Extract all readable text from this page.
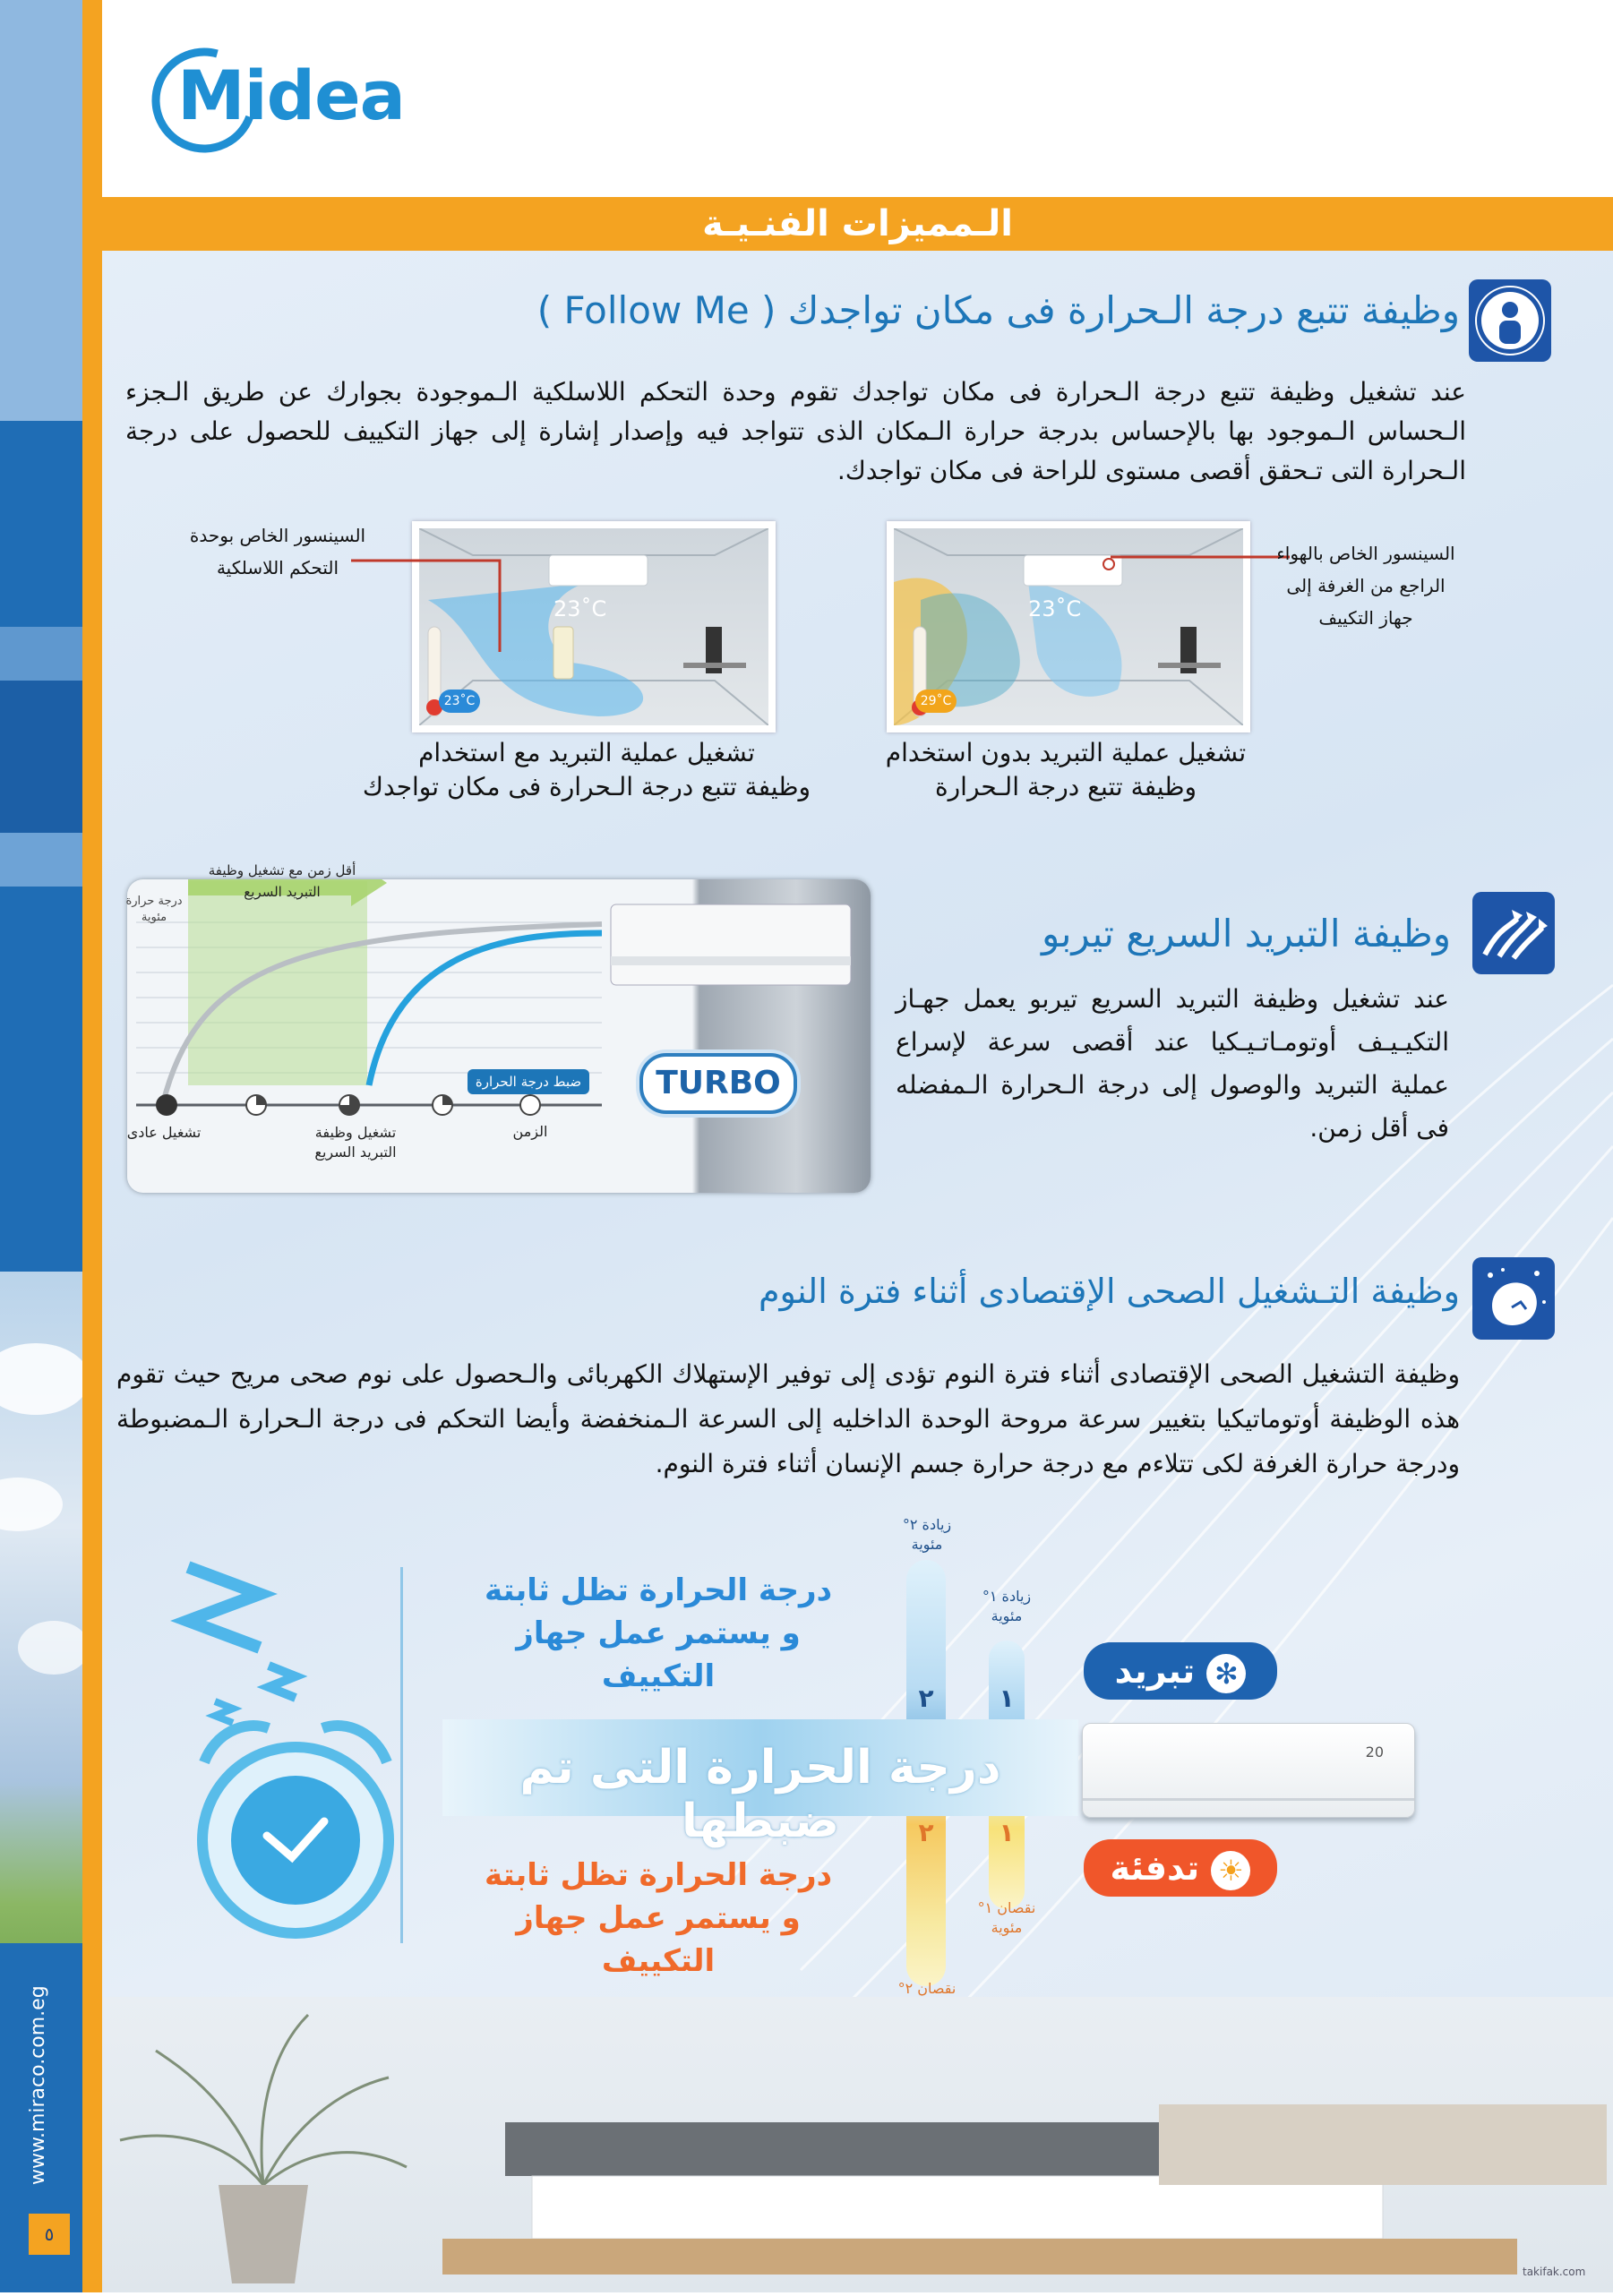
www.miraco.com.eg
٥
Midea
الـمميزات الفنـيـة
وظيفة تتبع درجة الـحرارة فى مكان تواجدك ( Follow Me )
عند تشغيل وظيفة تتبع درجة الـحرارة فى مكان تواجدك تقوم وحدة التحكم اللاسلكية الـموجودة بجوارك عن طريق الـجزء الـحساس الـموجود بها بالإحساس بدرجة حرارة الـمكان الذى تتواجد فيه وإصدار إشارة إلى جهاز التكييف للحصول على درجة الـحرارة التى تـحقق أقصى مستوى للراحة فى مكان تواجدك.
23˚C
23˚C
23˚C
29˚C
السينسور الخاص بوحدة التحكم اللاسلكية
السينسور الخاص بالهواء الراجع من الغرفة إلى جهاز التكييف
تشغيل عملية التبريد مع استخدام
وظيفة تتبع درجة الـحرارة فى مكان تواجدك
تشغيل عملية التبريد بدون استخدام
وظيفة تتبع درجة الـحرارة
وظيفة التبريد السريع تيربو
عند تشغيل وظيفة التبريد السريع تيربو يعمل جهـاز التكيـيـف أوتومـاتـيـكيا عند أقصى سرعة لإسراع عملية التبريد والوصول إلى درجة الـحرارة الـمفضله فى أقل زمن.
ضبط درجة الحرارة	TURBO
تشغيل عادى	تشغيل وظيفة التبريد السريع
الزمن
أقل زمن مع تشغيل وظيفة التبريد السريع
درجة حرارة مئوية
وظيفة التـشغيل الصحى الإقتصادى أثناء فترة النوم
وظيفة التشغيل الصحى الإقتصادى أثناء فترة النوم تؤدى إلى توفير الإستهلاك الكهربائى والـحصول على نوم صحى مريح حيث تقوم هذه الوظيفة أوتوماتيكيا بتغيير سرعة مروحة الوحدة الداخليه إلى السرعة الـمنخفضة وأيضا التحكم فى درجة الـحرارة الـمضبوطة ودرجة حرارة الغرفة لكى تتلاءم مع درجة حرارة جسم الإنسان أثناء فترة النوم.
درجة الحرارة تظل ثابتة
و يستمر عمل جهاز التكييف
درجة الحرارة تظل ثابتة
و يستمر عمل جهاز التكييف
٢	١
٢	١
زيادة ٢° مئوية
زيادة ١° مئوية
نقصان ١° مئوية
نقصان ٢°
درجة الحرارة التى تم ضبطها
20
✻ تبريد
☀ تدفئة
takifak.com
